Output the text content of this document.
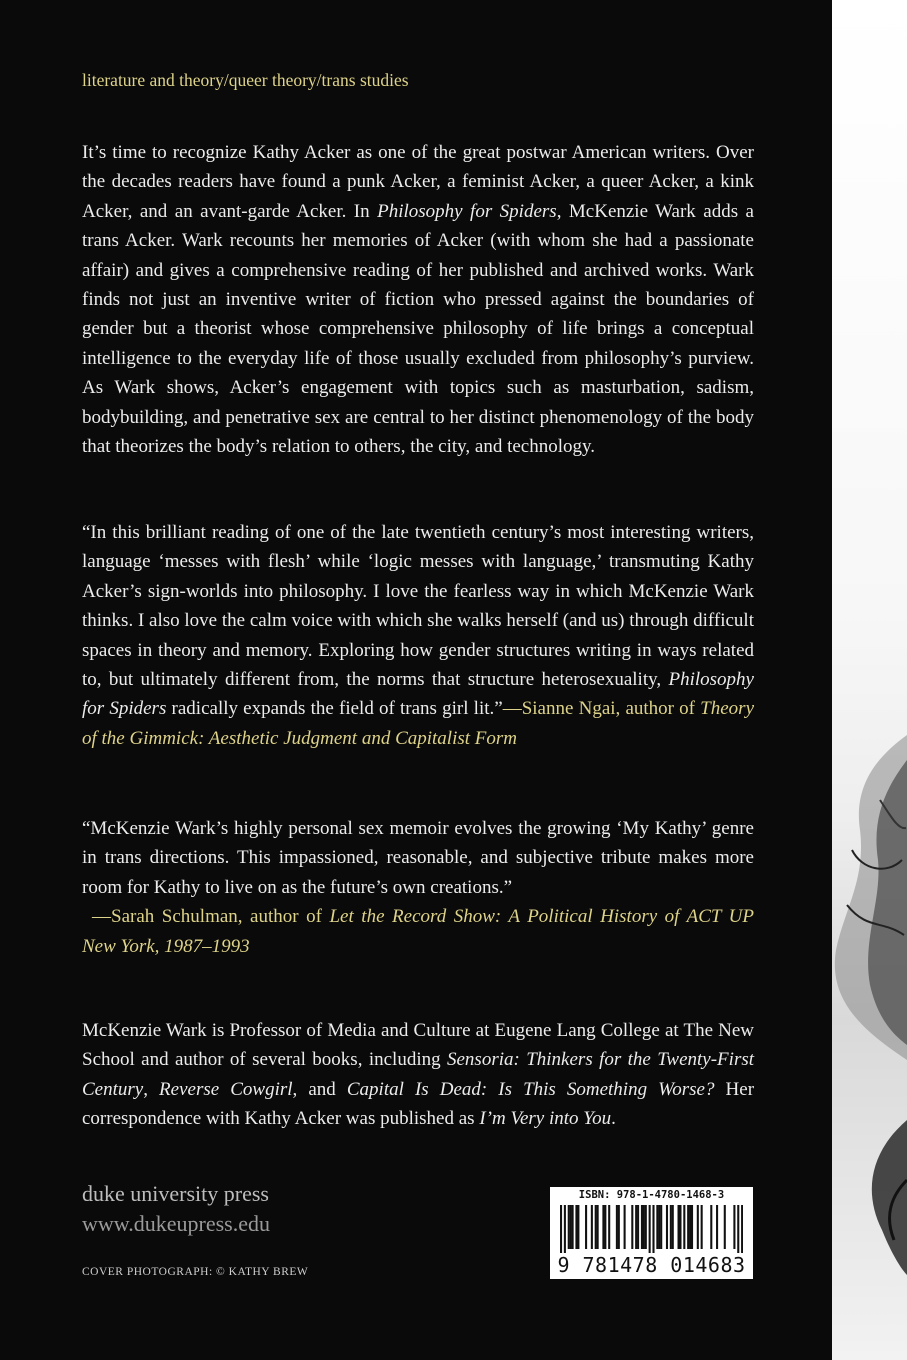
literature and theory/queer theory/trans studies

It’s time to recognize Kathy Acker as one of the great postwar American writers. Over the decades readers have found a punk Acker, a feminist Acker, a queer Acker, a kink Acker, and an avant-garde Acker. In Philosophy for Spiders, McKenzie Wark adds a trans Acker. Wark recounts her memories of Acker (with whom she had a passionate affair) and gives a comprehensive reading of her published and archived works. Wark finds not just an inventive writer of fiction who pressed against the boundaries of gender but a theorist whose comprehensive philosophy of life brings a conceptual intelligence to the everyday life of those usually excluded from philosophy’s purview. As Wark shows, Acker’s engagement with topics such as masturbation, sadism, bodybuilding, and penetrative sex are central to her distinct phenomenology of the body that theorizes the body’s relation to others, the city, and technology.

“In this brilliant reading of one of the late twentieth century’s most interesting writers, language ‘messes with flesh’ while ‘logic messes with language,’ transmuting Kathy Acker’s sign-worlds into philosophy. I love the fearless way in which McKenzie Wark thinks. I also love the calm voice with which she walks herself (and us) through difficult spaces in theory and memory. Exploring how gender structures writing in ways related to, but ultimately different from, the norms that structure heterosexuality, Philosophy for Spiders radically expands the field of trans girl lit.”—Sianne Ngai, author of Theory of the Gimmick: Aesthetic Judgment and Capitalist Form

“McKenzie Wark’s highly personal sex memoir evolves the growing ‘My Kathy’ genre in trans directions. This impassioned, reasonable, and subjective tribute makes more room for Kathy to live on as the future’s own creations.”
—Sarah Schulman, author of Let the Record Show: A Political History of ACT UP New York, 1987–1993

McKenzie Wark is Professor of Media and Culture at Eugene Lang College at The New School and author of several books, including Sensoria: Thinkers for the Twenty-First Century, Reverse Cowgirl, and Capital Is Dead: Is This Something Worse? Her correspondence with Kathy Acker was published as I’m Very into You.

duke university press

www.dukeupress.edu

COVER PHOTOGRAPH: © KATHY BREW

ISBN: 978-1-4780-1468-3

9 781478 014683
